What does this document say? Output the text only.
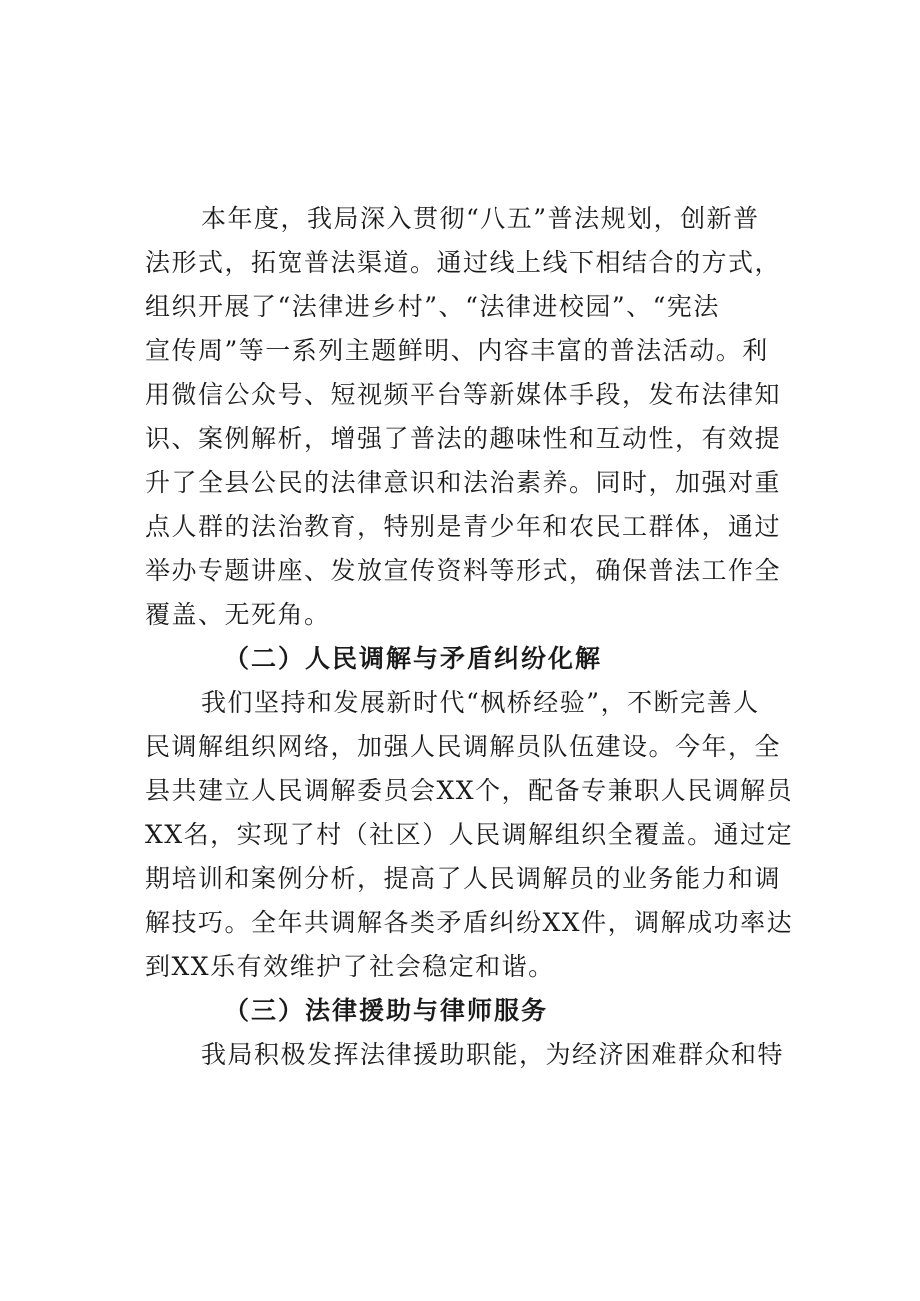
本年度，我局深入贯彻“八五”普法规划，创新普
法形式，拓宽普法渠道。通过线上线下相结合的方式，
组织开展了“法律进乡村”、“法律进校园”、“宪法
宣传周”等一系列主题鲜明、内容丰富的普法活动。利
用微信公众号、短视频平台等新媒体手段，发布法律知
识、案例解析，增强了普法的趣味性和互动性，有效提
升了全县公民的法律意识和法治素养。同时，加强对重
点人群的法治教育，特别是青少年和农民工群体，通过
举办专题讲座、发放宣传资料等形式，确保普法工作全
覆盖、无死角。
（二）人民调解与矛盾纠纷化解
我们坚持和发展新时代“枫桥经验”，不断完善人
民调解组织网络，加强人民调解员队伍建设。今年，全
县共建立人民调解委员会XX个，配备专兼职人民调解员
XX名，实现了村（社区）人民调解组织全覆盖。通过定
期培训和案例分析，提高了人民调解员的业务能力和调
解技巧。全年共调解各类矛盾纠纷XX件，调解成功率达
到XX乐有效维护了社会稳定和谐。
（三）法律援助与律师服务
我局积极发挥法律援助职能，为经济困难群众和特
